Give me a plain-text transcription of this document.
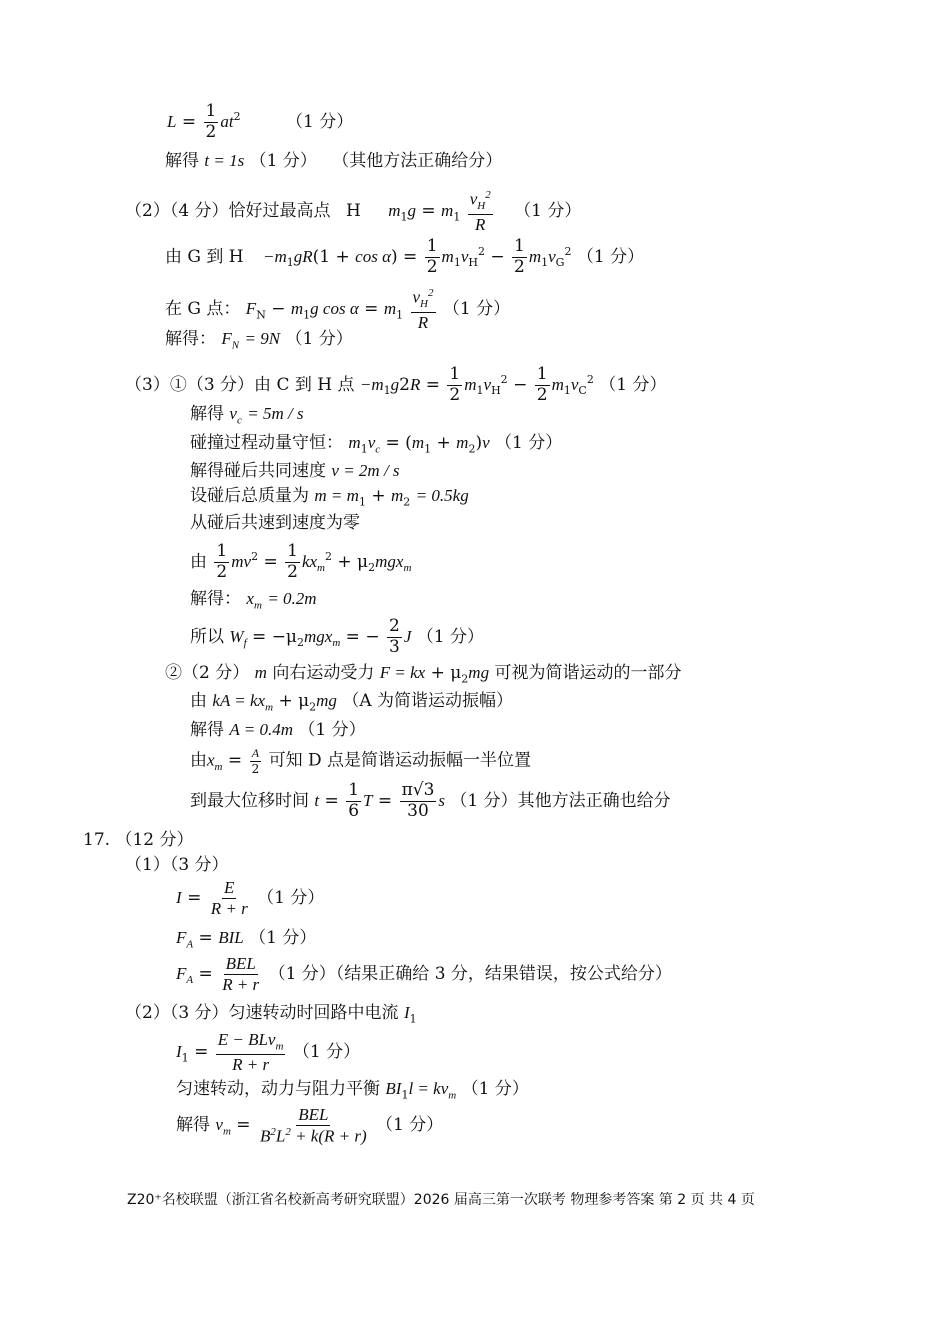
$L = \frac{1}{2} at^2$	（1 分）
解得 t = 1s （1 分） （其他方法正确给分）
（2）（4 分）恰好过最高点 H $m_1g = m_1 \frac{v_H^2}{R} (1$ 分）
由 G 到 $H -m_1gR(1 + \cos \alpha) = \frac{1}{2} m_1v_H^2 - \frac{1}{2} m_1v_G^2$ （1 分）
在 G 点： $F_N - m_1g$ $\cos \alpha = m_1 \frac{v_H^2}{R} (1$ 分）
解得： $F_N = 9N$ （1 分）
（3）①（3 分）由 C 到 H 点 $-m_1g2R = \frac{1}{2} m_1v_H^2 - \frac{1}{2} m_1v_C^2$ （1 分）
解得 $v_c = 5m / s$
碰撞过程动量守恒： $m_1v_c = (m_1 + m_2)v$ （1 分）
解得碰后共同速度 v = 2m / s
设碰后总质量为 $m = m_1 + m_2 = 0.5kg$
从碰后共速到速度为零
由 $\frac{1}{2} mv^2 = \frac{1}{2} kx_m^2 + \mu_2mgx_m$
解得： $x_m = 0.2m$
所以 $W_f = -\mu_2mgx_m$ = − $\frac{2}{3}$ J （1 分）
②（2 分） m 向右运动受力 F = kx + $\mu_2mg$ 可视为简谐运动的一部分
由 kA = $kx_m + \mu_2mg$ （A 为简谐运动振幅）
解得 A = 0.4m （1 分）
由$x_m = \frac{A}{2}$ 可知 D 点是简谐运动振幅一半位置
到最大位移时间 $t = \frac{1}{6}$ $T = \frac{\pi√3}{30}$ s （1 分）其他方法正确也给分
17. （12 分）
（1）（3 分）
$I = \frac{E}{R + r} (1$ 分）
$F_A$ = BIL （1 分）
$F_A = \frac{\text{BEL}}{R + r} (1$ 分）（结果正确给 3 分，结果错误，按公式给分）
（2）（3 分）匀速转动时回路中电流 $I_1$
$I_1 = \frac{E - BLv_m}{R + r} (1$ 分）
匀速转动，动力与阻力平衡 $BI_1l = kv_m$ （1 分）
解得 $v_m = \frac{\text{BEL}}{B^2L^2 + k(R + r)} (1$ 分）
Z20⁺名校联盟（浙江省名校新高考研究联盟）2026 届高三第一次联考 物理参考答案 第 2 页 共 4 页
